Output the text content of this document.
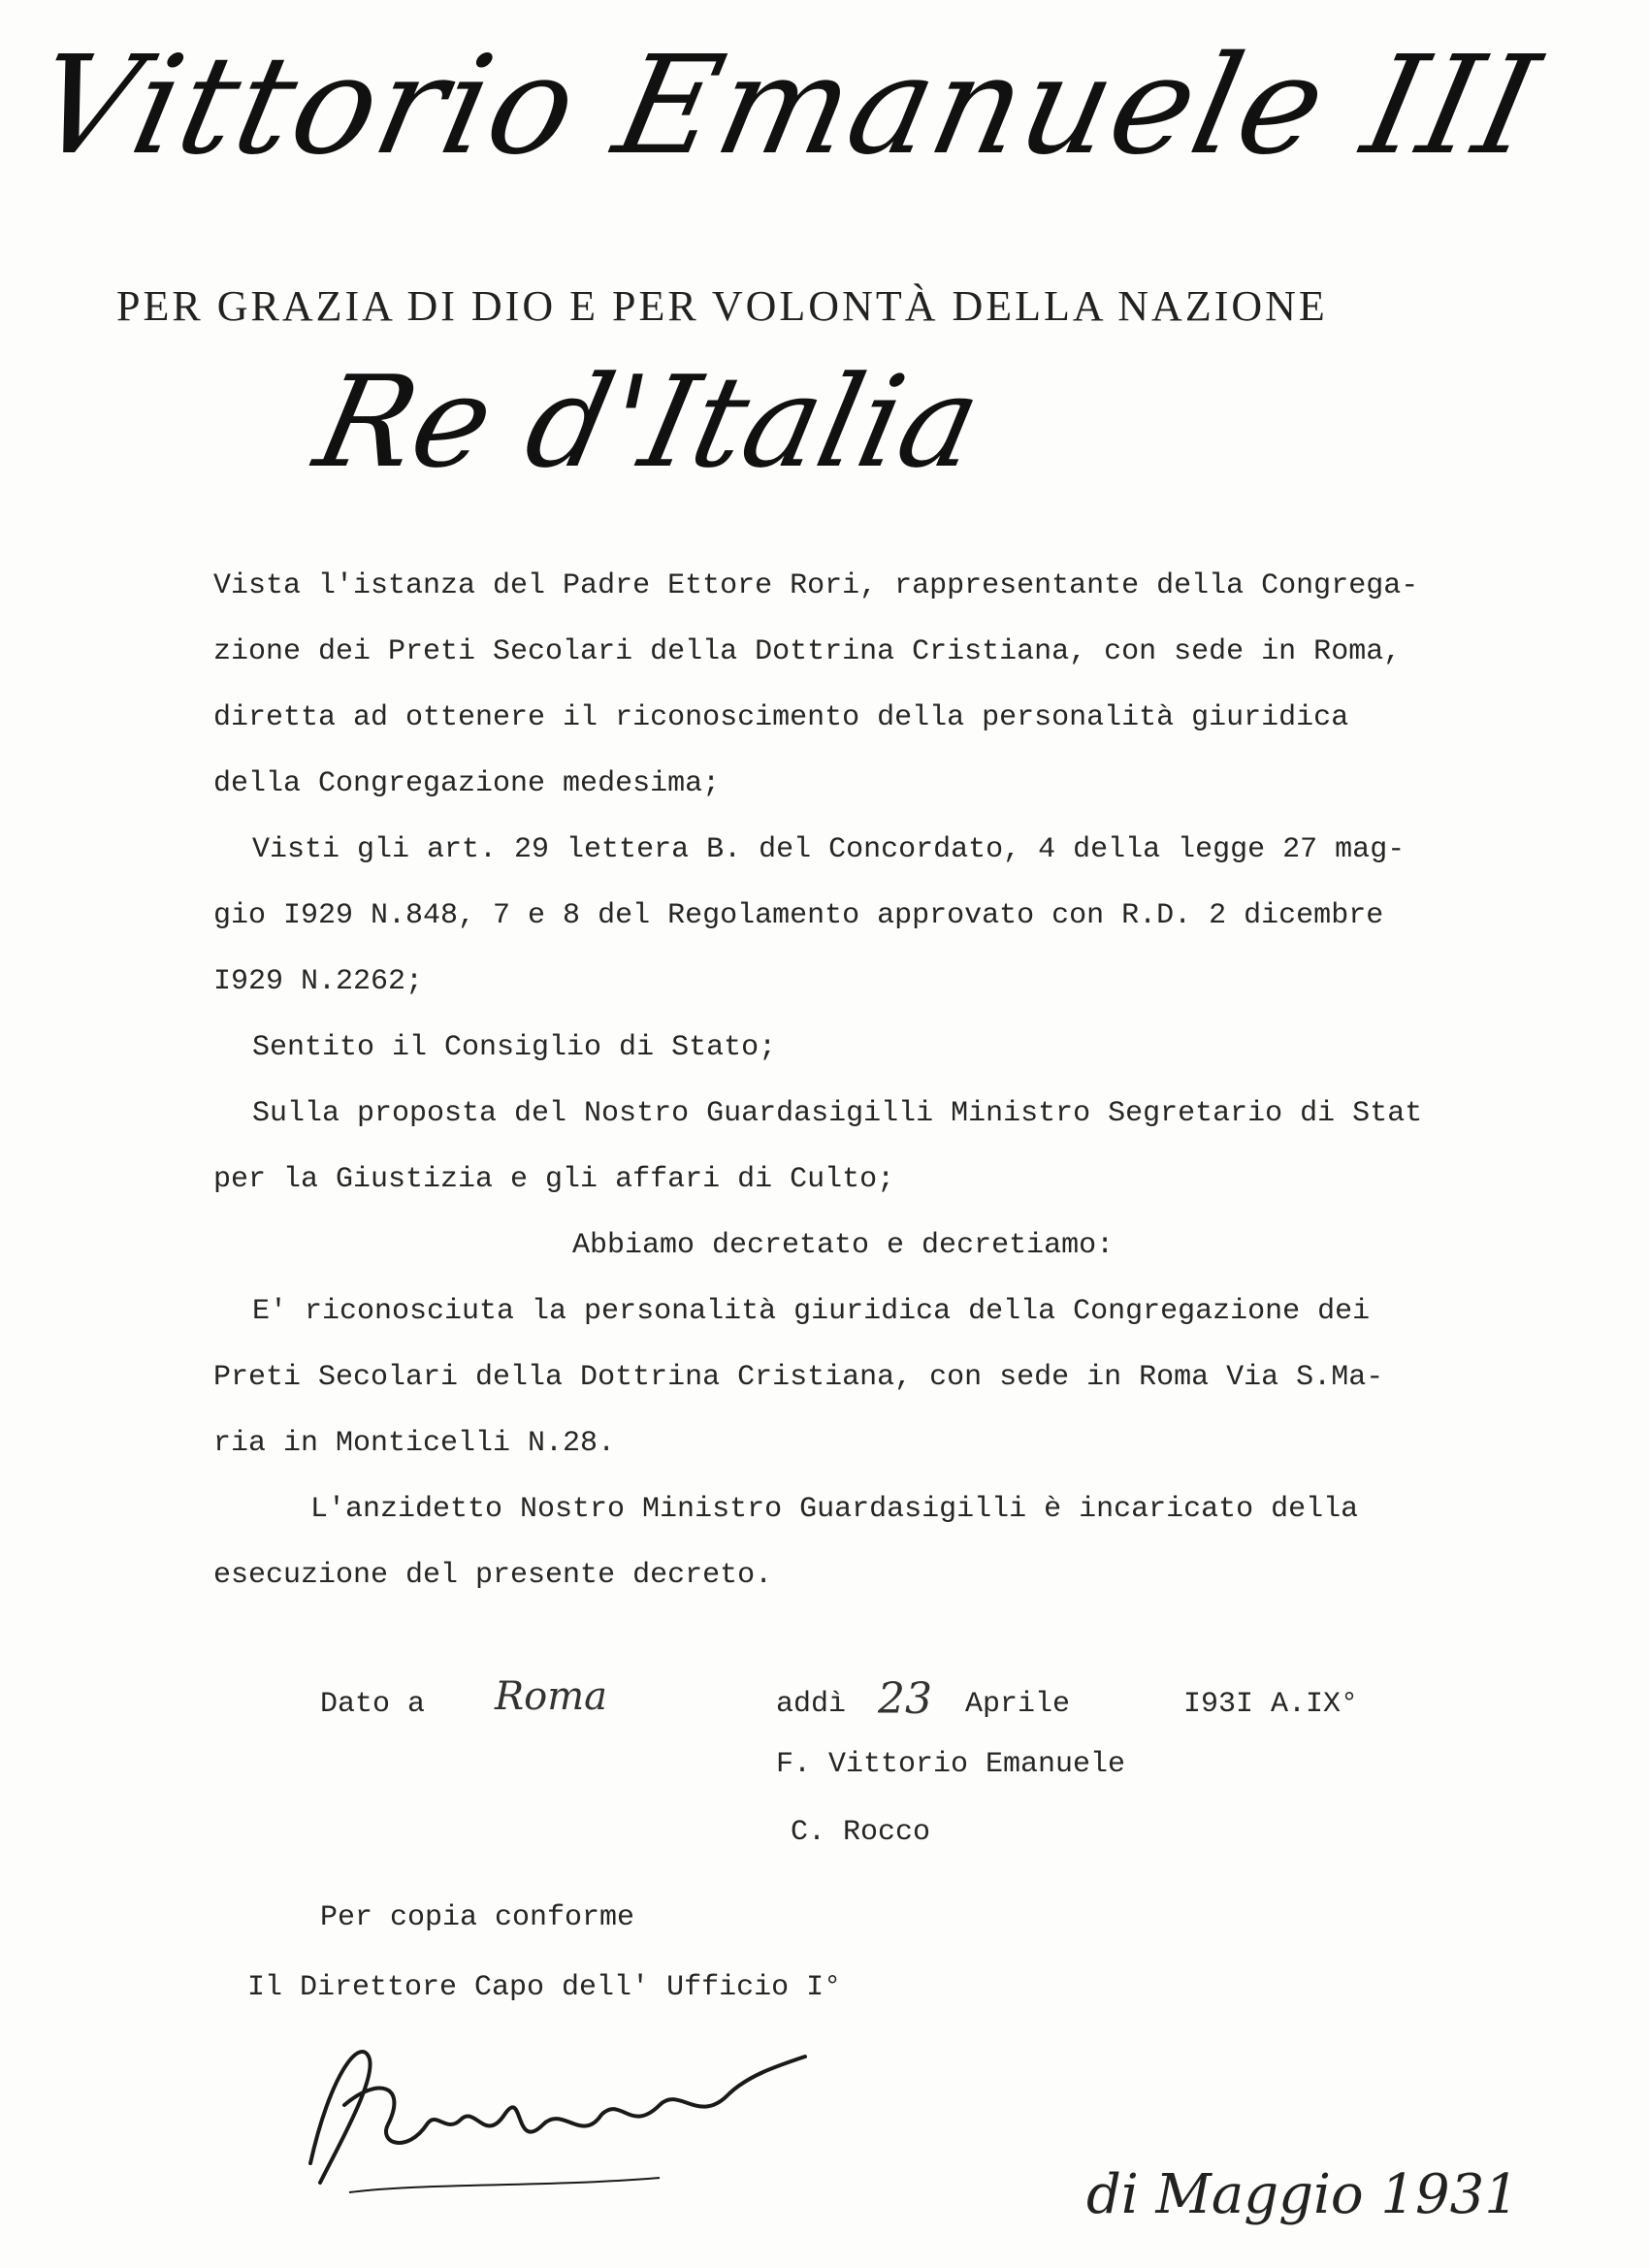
Vittorio Emanuele III
PER GRAZIA DI DIO E PER VOLONTÀ DELLA NAZIONE
Re d'Italia
Vista l'istanza del Padre Ettore Rori, rappresentante della Congrega-
zione dei Preti Secolari della Dottrina Cristiana, con sede in Roma,
diretta ad ottenere il riconoscimento della personalità giuridica
della Congregazione medesima;
Visti gli art. 29 lettera B. del Concordato, 4 della legge 27 mag-
gio I929 N.848, 7 e 8 del Regolamento approvato con R.D. 2 dicembre
I929 N.2262;
Sentito il Consiglio di Stato;
Sulla proposta del Nostro Guardasigilli Ministro Segretario di Stat
per la Giustizia e gli affari di Culto;
Abbiamo decretato e decretiamo:
E' riconosciuta la personalità giuridica della Congregazione dei
Preti Secolari della Dottrina Cristiana, con sede in Roma Via S.Ma-
ria in Monticelli N.28.
L'anzidetto Nostro Ministro Guardasigilli è incaricato della
esecuzione del presente decreto.
Dato a Roma	addì 23 Aprile	I93I A.IX°
F. Vittorio Emanuele
C. Rocco
Per copia conforme
Il Direttore Capo dell' Ufficio I°
di Maggio 1931
